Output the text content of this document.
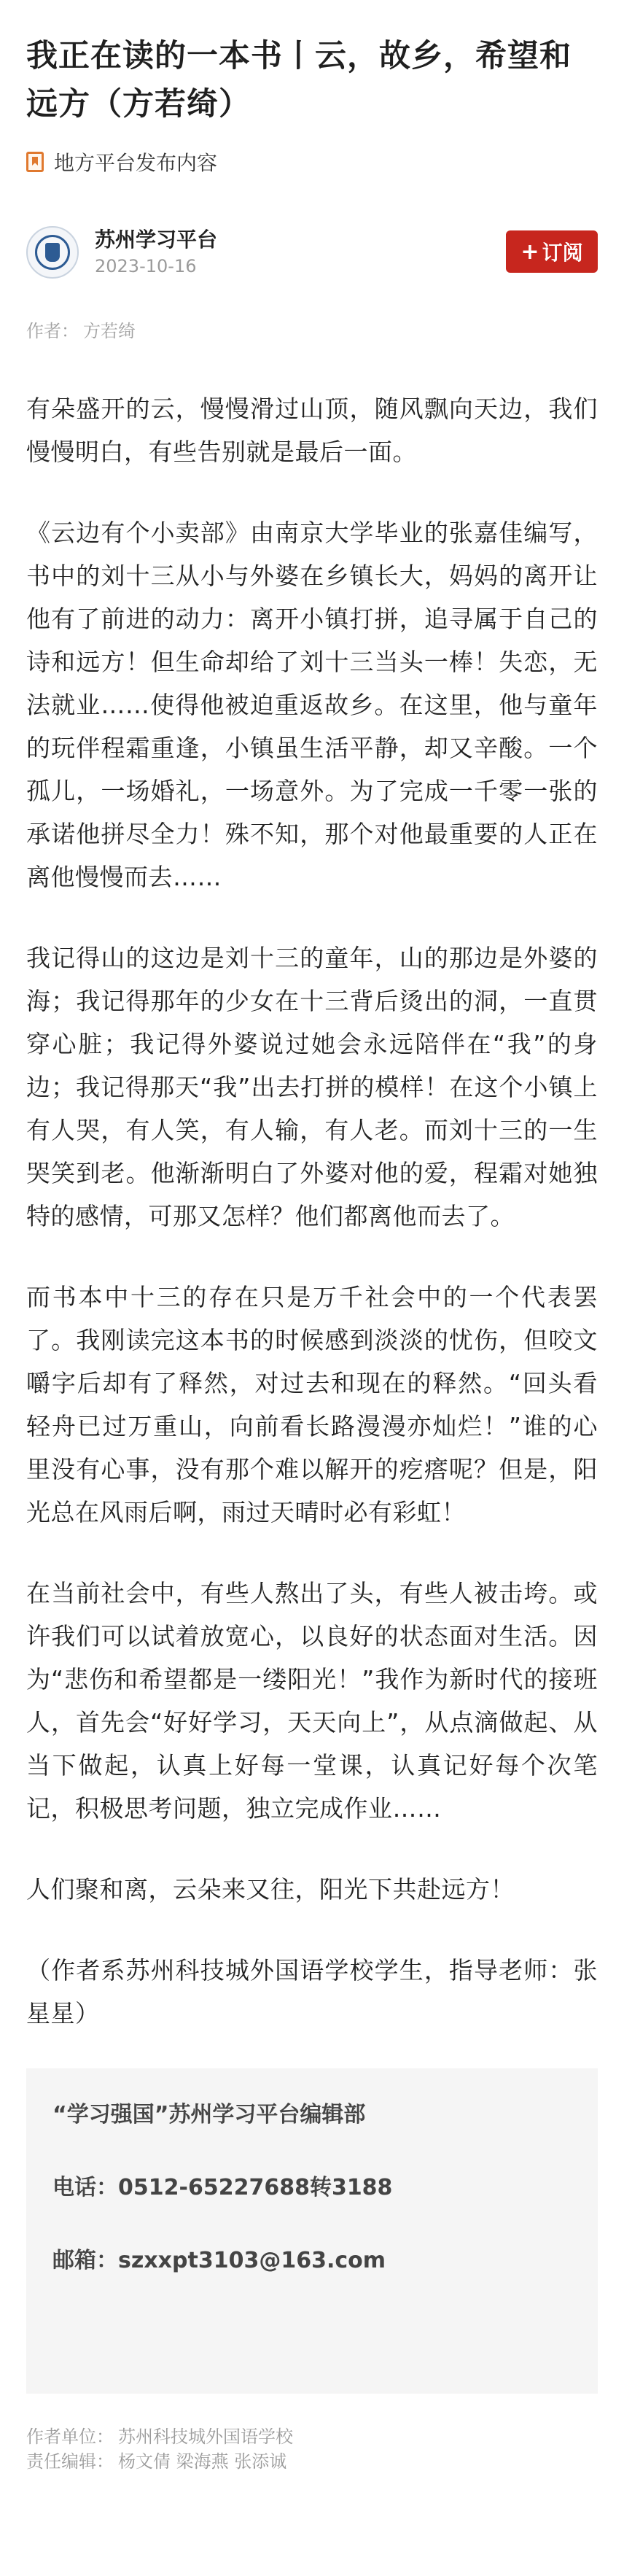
我正在读的一本书丨云，故乡，希望和远方（方若绮）
地方平台发布内容
苏州学习平台
2023-10-16
+ 订阅
作者： 方若绮

有朵盛开的云，慢慢滑过山顶，随风飘向天边，我们慢慢明白，有些告别就是最后一面。

《云边有个小卖部》由南京大学毕业的张嘉佳编写，书中的刘十三从小与外婆在乡镇长大，妈妈的离开让他有了前进的动力：离开小镇打拼，追寻属于自己的诗和远方！但生命却给了刘十三当头一棒！失恋，无法就业……使得他被迫重返故乡。在这里，他与童年的玩伴程霜重逢，小镇虽生活平静，却又辛酸。一个孤儿，一场婚礼，一场意外。为了完成一千零一张的承诺他拼尽全力！殊不知，那个对他最重要的人正在离他慢慢而去……

我记得山的这边是刘十三的童年，山的那边是外婆的海；我记得那年的少女在十三背后烫出的洞，一直贯穿心脏；我记得外婆说过她会永远陪伴在“我”的身边；我记得那天“我”出去打拼的模样！在这个小镇上有人哭，有人笑，有人输，有人老。而刘十三的一生哭笑到老。他渐渐明白了外婆对他的爱，程霜对她独特的感情，可那又怎样？他们都离他而去了。

而书本中十三的存在只是万千社会中的一个代表罢了。我刚读完这本书的时候感到淡淡的忧伤，但咬文嚼字后却有了释然，对过去和现在的释然。“回头看轻舟已过万重山，向前看长路漫漫亦灿烂！”谁的心里没有心事，没有那个难以解开的疙瘩呢？但是，阳光总在风雨后啊，雨过天晴时必有彩虹！

在当前社会中，有些人熬出了头，有些人被击垮。或许我们可以试着放宽心，以良好的状态面对生活。因为“悲伤和希望都是一缕阳光！”我作为新时代的接班人，首先会“好好学习，天天向上”，从点滴做起、从当下做起，认真上好每一堂课，认真记好每个次笔记，积极思考问题，独立完成作业……

人们聚和离，云朵来又往，阳光下共赴远方！

（作者系苏州科技城外国语学校学生，指导老师：张星星）

“学习强国”苏州学习平台编辑部
电话：0512-65227688转3188
邮箱：szxxpt3103@163.com
作者单位： 苏州科技城外国语学校
责任编辑： 杨文倩 梁海燕 张添诚
